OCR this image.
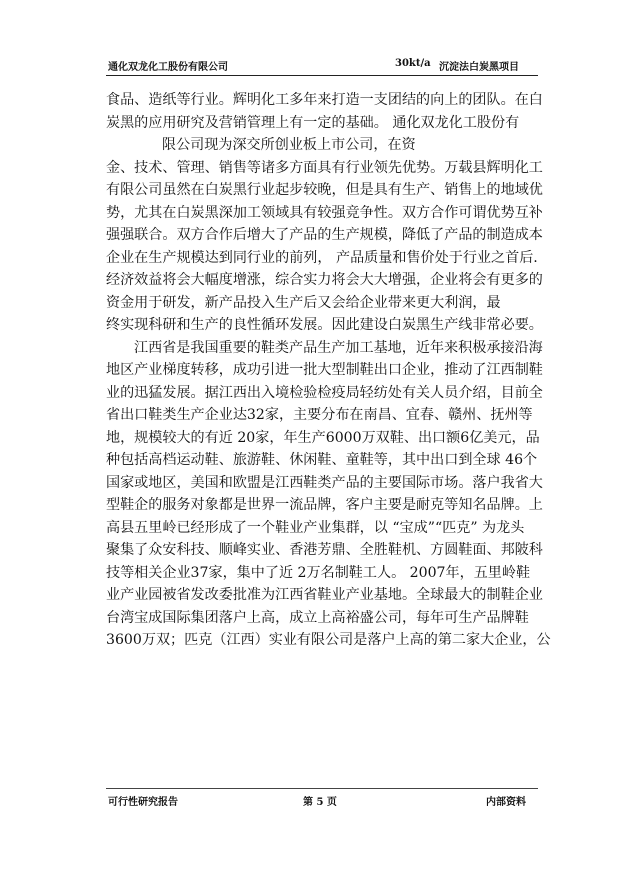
通化双龙化工股份有限公司	30kt/a 沉淀法白炭黑项目
食品、造纸等行业。辉明化工多年来打造一支团结的向上的团队。在白
炭黑的应用研究及营销管理上有一定的基础。 通化双龙化工股份有
限公司现为深交所创业板上市公司，在资
金、技术、管理、销售等诸多方面具有行业领先优势。万载县辉明化工
有限公司虽然在白炭黑行业起步较晚，但是具有生产、销售上的地域优
势，尤其在白炭黑深加工领域具有较强竞争性。双方合作可谓优势互补
强强联合。双方合作后增大了产品的生产规模，降低了产品的制造成本
企业在生产规模达到同行业的前列， 产品质量和售价处于行业之首后.
经济效益将会大幅度增涨，综合实力将会大大增强，企业将会有更多的
资金用于研发，新产品投入生产后又会给企业带来更大利润，最
终实现科研和生产的良性循环发展。因此建设白炭黑生产线非常必要。
江西省是我国重要的鞋类产品生产加工基地，近年来积极承接沿海
地区产业梯度转移，成功引进一批大型制鞋出口企业，推动了江西制鞋
业的迅猛发展。据江西出入境检验检疫局轻纺处有关人员介绍，目前全
省出口鞋类生产企业达32家，主要分布在南昌、宜春、赣州、抚州等
地，规模较大的有近 20家，年生产6000万双鞋、出口额6亿美元，品
种包括高档运动鞋、旅游鞋、休闲鞋、童鞋等，其中出口到全球 46个
国家或地区，美国和欧盟是江西鞋类产品的主要国际市场。落户我省大
型鞋企的服务对象都是世界一流品牌，客户主要是耐克等知名品牌。上
高县五里岭已经形成了一个鞋业产业集群，以 “宝成”“匹克” 为龙头
聚集了众安科技、顺峰实业、香港芳鼎、全胜鞋机、方圆鞋面、邦陂科
技等相关企业37家，集中了近 2万名制鞋工人。 2007年，五里岭鞋
业产业园被省发改委批准为江西省鞋业产业基地。全球最大的制鞋企业
台湾宝成国际集团落户上高，成立上高裕盛公司，每年可生产品牌鞋
3600万双；匹克（江西）实业有限公司是落户上高的第二家大企业，公
可行性研究报告	第 5 页	内部资料
